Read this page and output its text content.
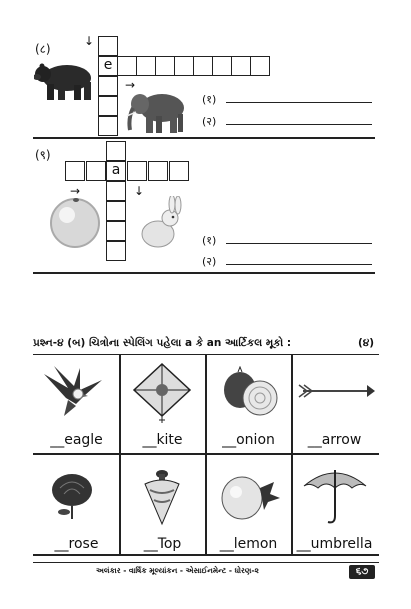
(८)
↓
e
→
(१)
(२)
(९)
a
→	↓
(१)
(२)
પ્રશ્ન-૪ (બ) ચિત્રોના સ્પેલિંગ પહેલા a કે an આર્ટિકલ મૂકો :	(૪)
__eagle	__kite	__onion	__arrow
__rose	__Top	__lemon	__umbrella
અલંકાર - વાર્ષિક મૂલ્યાંકન - એસાઈનમેન્ટ - ધોરણ-૨	૬૭
